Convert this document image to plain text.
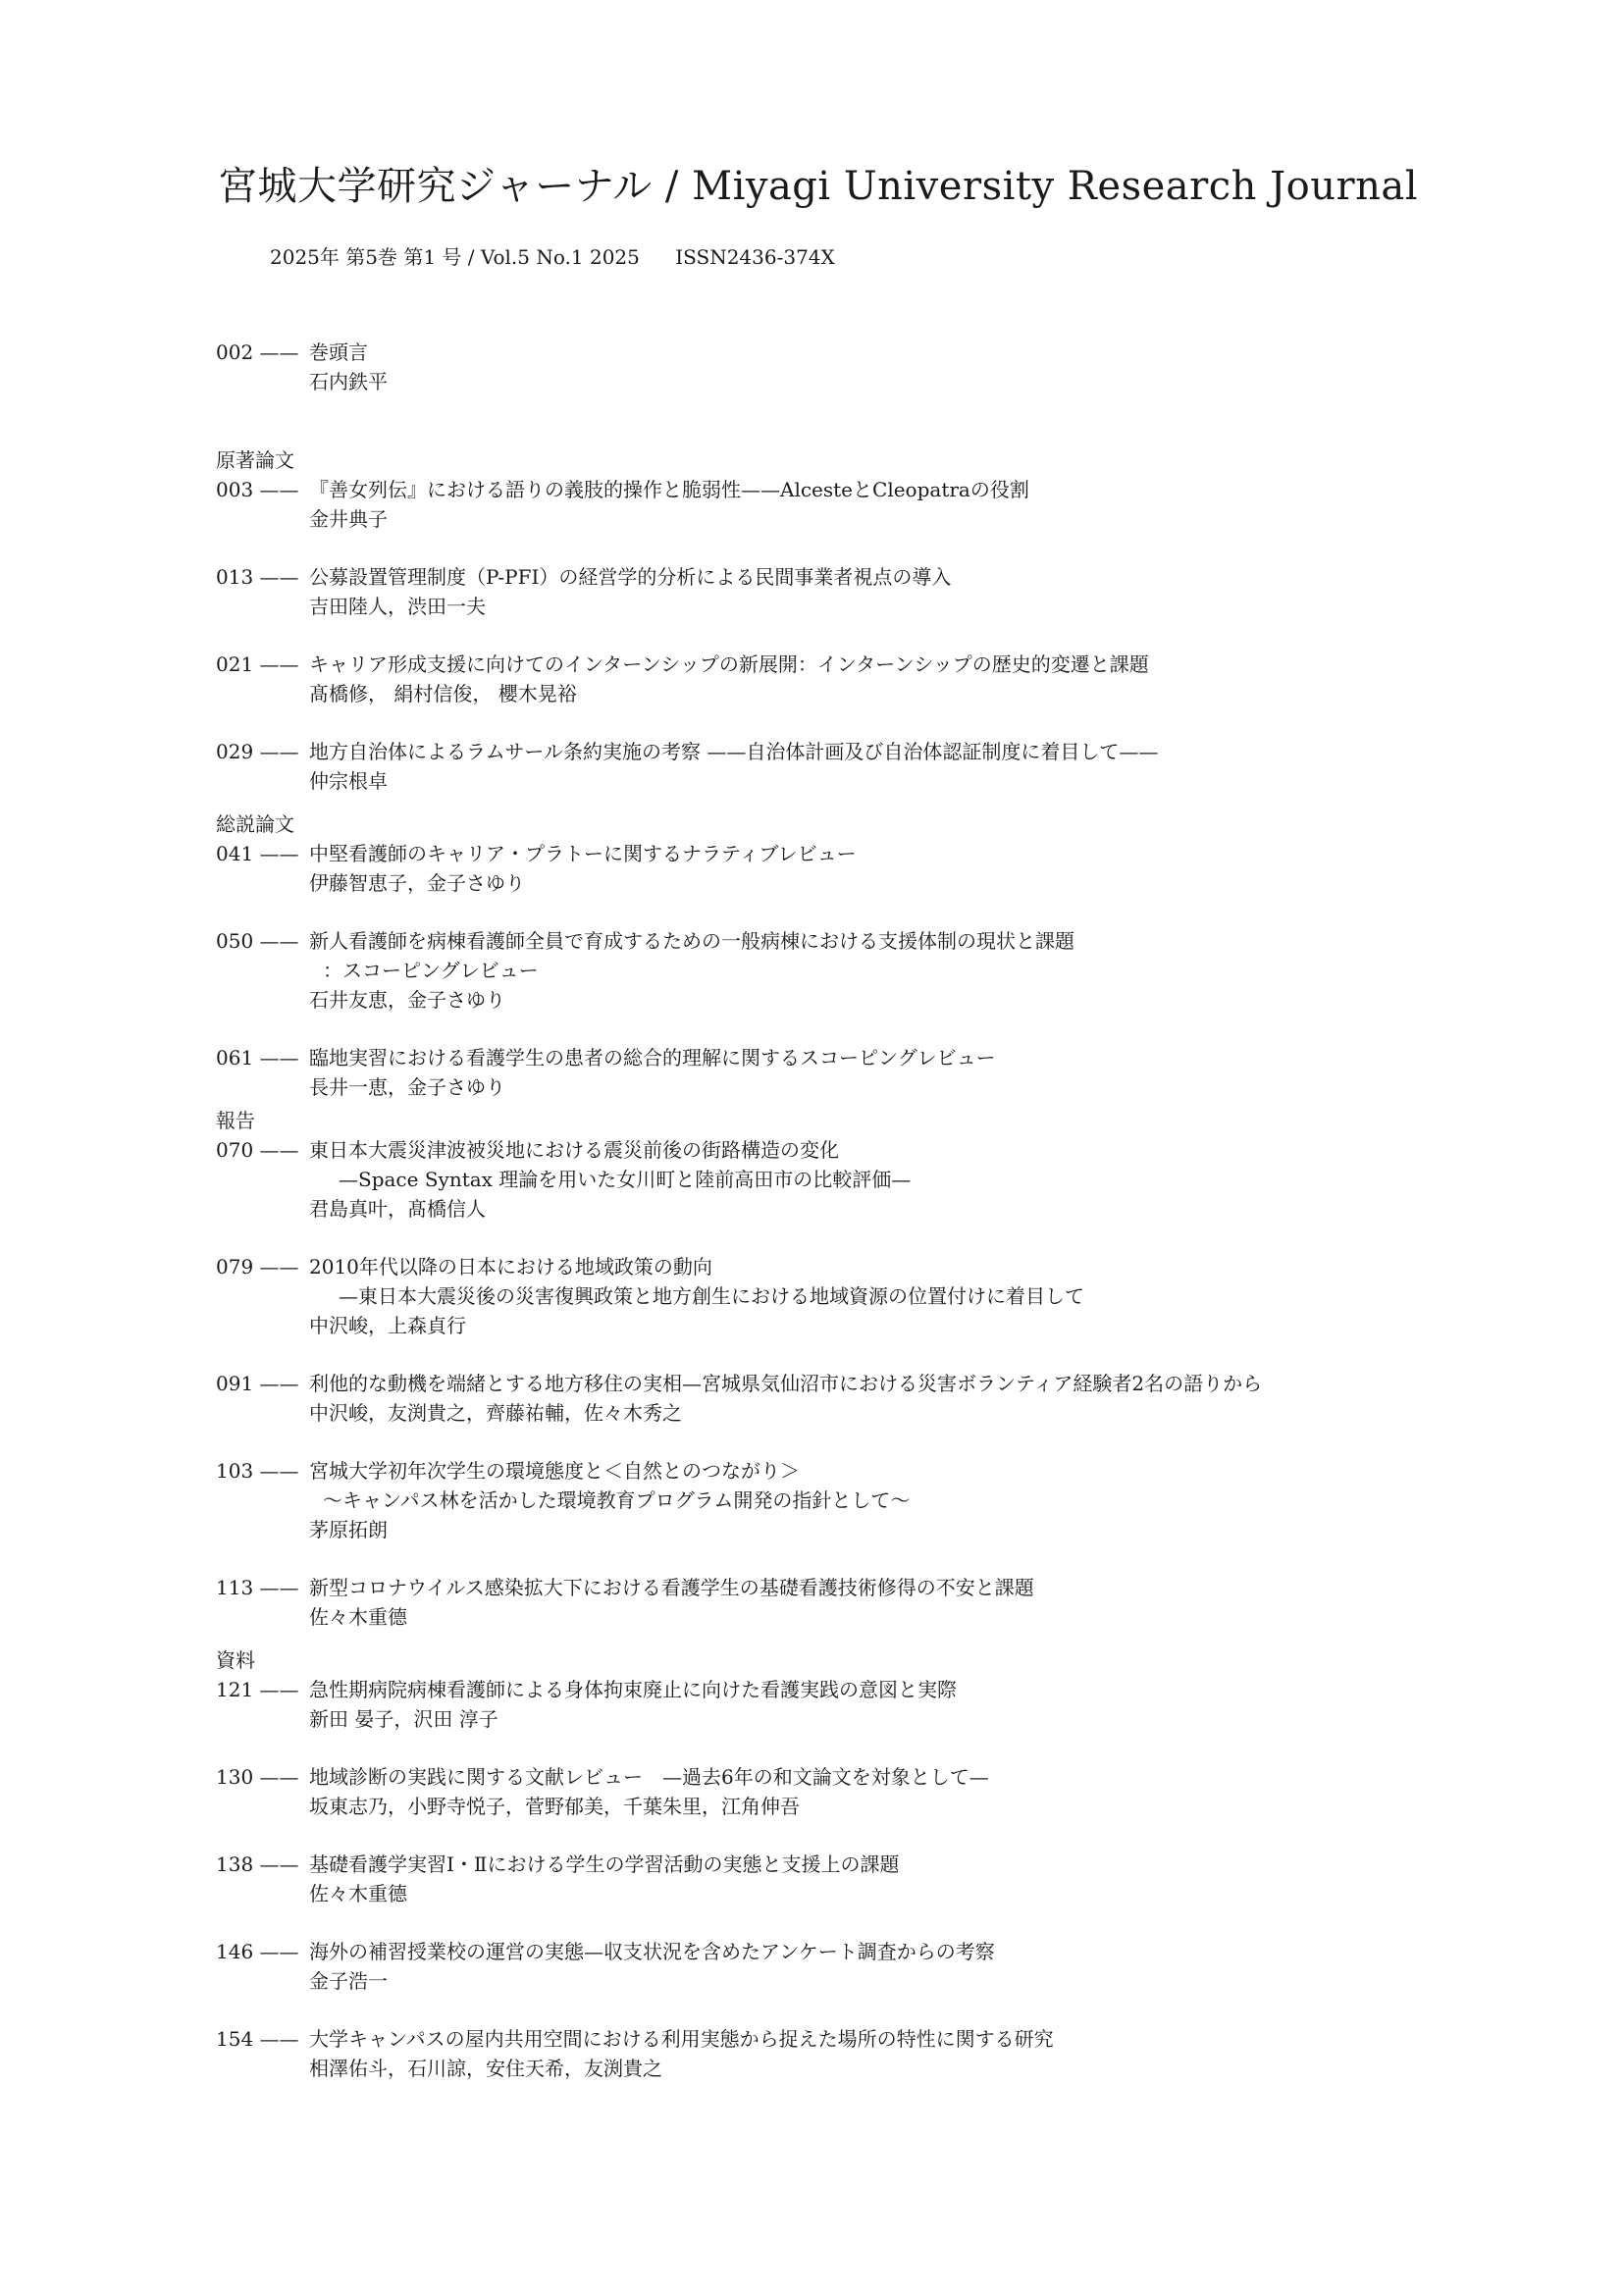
宮城大学研究ジャーナル / Miyagi University Research Journal
2025年 第5巻 第1 号 / Vol.5 No.1 2025 ISSN2436-374X
002 —— 巻頭言
石内鉄平
原著論文
003 —— 『善女列伝』における語りの義肢的操作と脆弱性——AlcesteとCleopatraの役割
金井典子
013 —— 公募設置管理制度（P-PFI）の経営学的分析による民間事業者視点の導入
吉田陸人，渋田一夫
021 —— キャリア形成支援に向けてのインターンシップの新展開：インターンシップの歴史的変遷と課題
髙橋修， 絹村信俊， 櫻木晃裕
029 —— 地方自治体によるラムサール条約実施の考察 ——自治体計画及び自治体認証制度に着目して——
仲宗根卓
総説論文
041 —— 中堅看護師のキャリア・プラトーに関するナラティブレビュー
伊藤智恵子，金子さゆり
050 —— 新人看護師を病棟看護師全員で育成するための一般病棟における支援体制の現状と課題
：スコーピングレビュー
石井友恵，金子さゆり
061 —— 臨地実習における看護学生の患者の総合的理解に関するスコーピングレビュー
長井一恵，金子さゆり
報告
070 —— 東日本大震災津波被災地における震災前後の街路構造の変化
—Space Syntax 理論を用いた女川町と陸前高田市の比較評価—
君島真叶，髙橋信人
079 —— 2010年代以降の日本における地域政策の動向
—東日本大震災後の災害復興政策と地方創生における地域資源の位置付けに着目して
中沢峻，上森貞行
091 —— 利他的な動機を端緒とする地方移住の実相—宮城県気仙沼市における災害ボランティア経験者2名の語りから
中沢峻，友渕貴之，齊藤祐輔，佐々木秀之
103 —— 宮城大学初年次学生の環境態度と＜自然とのつながり＞
〜キャンパス林を活かした環境教育プログラム開発の指針として〜
茅原拓朗
113 —— 新型コロナウイルス感染拡大下における看護学生の基礎看護技術修得の不安と課題
佐々木重德
資料
121 —— 急性期病院病棟看護師による身体拘束廃止に向けた看護実践の意図と実際
新田 晏子，沢田 淳子
130 —— 地域診断の実践に関する文献レビュー　—過去6年の和文論文を対象として—
坂東志乃，小野寺悦子，菅野郁美，千葉朱里，江角伸吾
138 —— 基礎看護学実習Ⅰ・Ⅱにおける学生の学習活動の実態と支援上の課題
佐々木重德
146 —— 海外の補習授業校の運営の実態—収支状況を含めたアンケート調査からの考察
金子浩一
154 —— 大学キャンパスの屋内共用空間における利用実態から捉えた場所の特性に関する研究
相澤佑斗，石川諒，安住天希，友渕貴之
